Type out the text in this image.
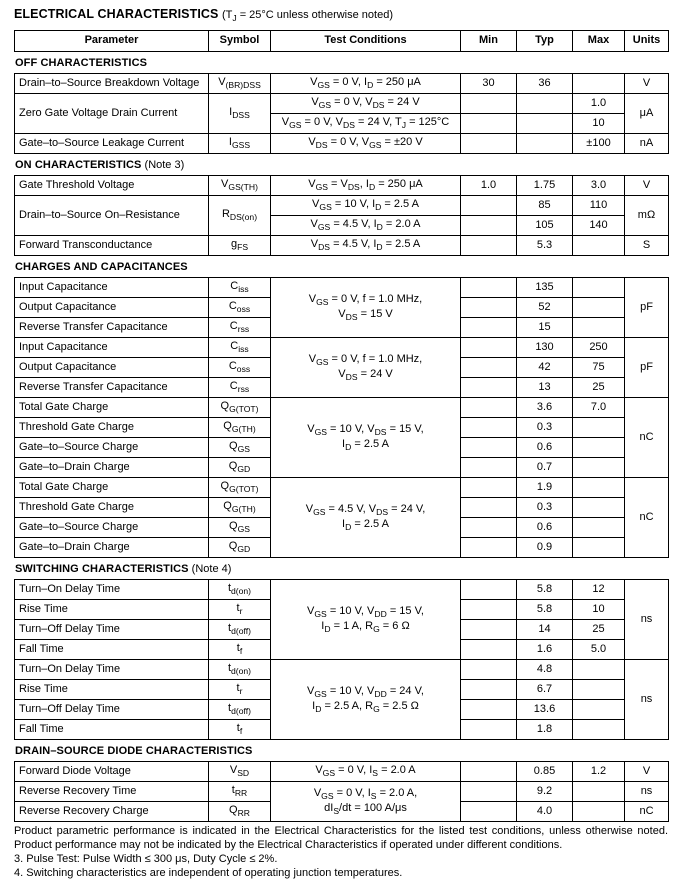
ELECTRICAL CHARACTERISTICS ($T_J = 25^\circ C$ unless otherwise noted)
Parameter	Symbol	Test Conditions	Min	Typ	Max	Units
OFF CHARACTERISTICS
Drain–to–Source Breakdown Voltage	$V_{(BR)DSS}$	$V_{GS} = 0$ V, $I_D = 250$ μA	30	36		V
Zero Gate Voltage Drain Current	$I_{DSS}$	$V_{GS} = 0$ V, $V_{DS} = 24$ V			1.0	μA
		$V_{GS} = 0$ V, $V_{DS} = 24$ V, $T_J = 125^\circ C$			10	
Gate–to–Source Leakage Current	$I_{GSS}$	$V_{DS} = 0$ V, $V_{GS} = \pm 20$ V			±100	nA
ON CHARACTERISTICS (Note 3)
Gate Threshold Voltage	$V_{GS(TH)}$	$V_{GS} = V_{DS}$, $I_D = 250$ μA	1.0	1.75	3.0	V
Drain–to–Source On–Resistance	$R_{DS(on)}$	$V_{GS} = 10$ V, $I_D = 2.5$ A		85	110	mΩ
		$V_{GS} = 4.5$ V, $I_D = 2.0$ A		105	140	
Forward Transconductance	$g_{FS}$	$V_{DS} = 4.5$ V, $I_D = 2.5$ A		5.3		S
CHARGES AND CAPACITANCES
Input Capacitance	$C_{iss}$	$V_{GS} = 0$ V, f = 1.0 MHz,
$V_{DS} = 15$ V		135		pF
Output Capacitance	$C_{oss}$			52		
Reverse Transfer Capacitance	$C_{rss}$			15		
Input Capacitance	$C_{iss}$	$V_{GS} = 0$ V, f = 1.0 MHz,
$V_{DS} = 24$ V		130	250	pF
Output Capacitance	$C_{oss}$			42	75	
Reverse Transfer Capacitance	$C_{rss}$			13	25	
Total Gate Charge	$Q_{G(TOT)}$	$V_{GS} = 10$ V, $V_{DS} = 15$ V,
$I_D = 2.5$ A		3.6	7.0	nC
Threshold Gate Charge	$Q_{G(TH)}$			0.3		
Gate–to–Source Charge	$Q_{GS}$			0.6		
Gate–to–Drain Charge	$Q_{GD}$			0.7		
Total Gate Charge	$Q_{G(TOT)}$	$V_{GS} = 4.5$ V, $V_{DS} = 24$ V,
$I_D = 2.5$ A		1.9		nC
Threshold Gate Charge	$Q_{G(TH)}$			0.3		
Gate–to–Source Charge	$Q_{GS}$			0.6		
Gate–to–Drain Charge	$Q_{GD}$			0.9		
SWITCHING CHARACTERISTICS (Note 4)
Turn–On Delay Time	$t_{d(on)}$	$V_{GS} = 10$ V, $V_{DD} = 15$ V,
$I_D = 1$ A, $R_G = 6$ Ω		5.8	12	ns
Rise Time	$t_r$			5.8	10	
Turn–Off Delay Time	$t_{d(off)}$			14	25	
Fall Time	$t_f$			1.6	5.0	
Turn–On Delay Time	$t_{d(on)}$	$V_{GS} = 10$ V, $V_{DD} = 24$ V,
$I_D = 2.5$ A, $R_G = 2.5$ Ω		4.8		ns
Rise Time	$t_r$			6.7		
Turn–Off Delay Time	$t_{d(off)}$			13.6		
Fall Time	$t_f$			1.8		
DRAIN–SOURCE DIODE CHARACTERISTICS
Forward Diode Voltage	$V_{SD}$	$V_{GS} = 0$ V, $I_S = 2.0$ A		0.85	1.2	V
Reverse Recovery Time	$t_{RR}$	$V_{GS} = 0$ V, $I_S = 2.0$ A,
$dI_S/dt = 100$ A/μs		9.2		ns
Reverse Recovery Charge	$Q_{RR}$			4.0		nC
Product parametric performance is indicated in the Electrical Characteristics for the listed test conditions, unless otherwise noted. Product performance may not be indicated by the Electrical Characteristics if operated under different conditions.
3. Pulse Test: Pulse Width ≤ 300 μs, Duty Cycle ≤ 2%.
4. Switching characteristics are independent of operating junction temperatures.
